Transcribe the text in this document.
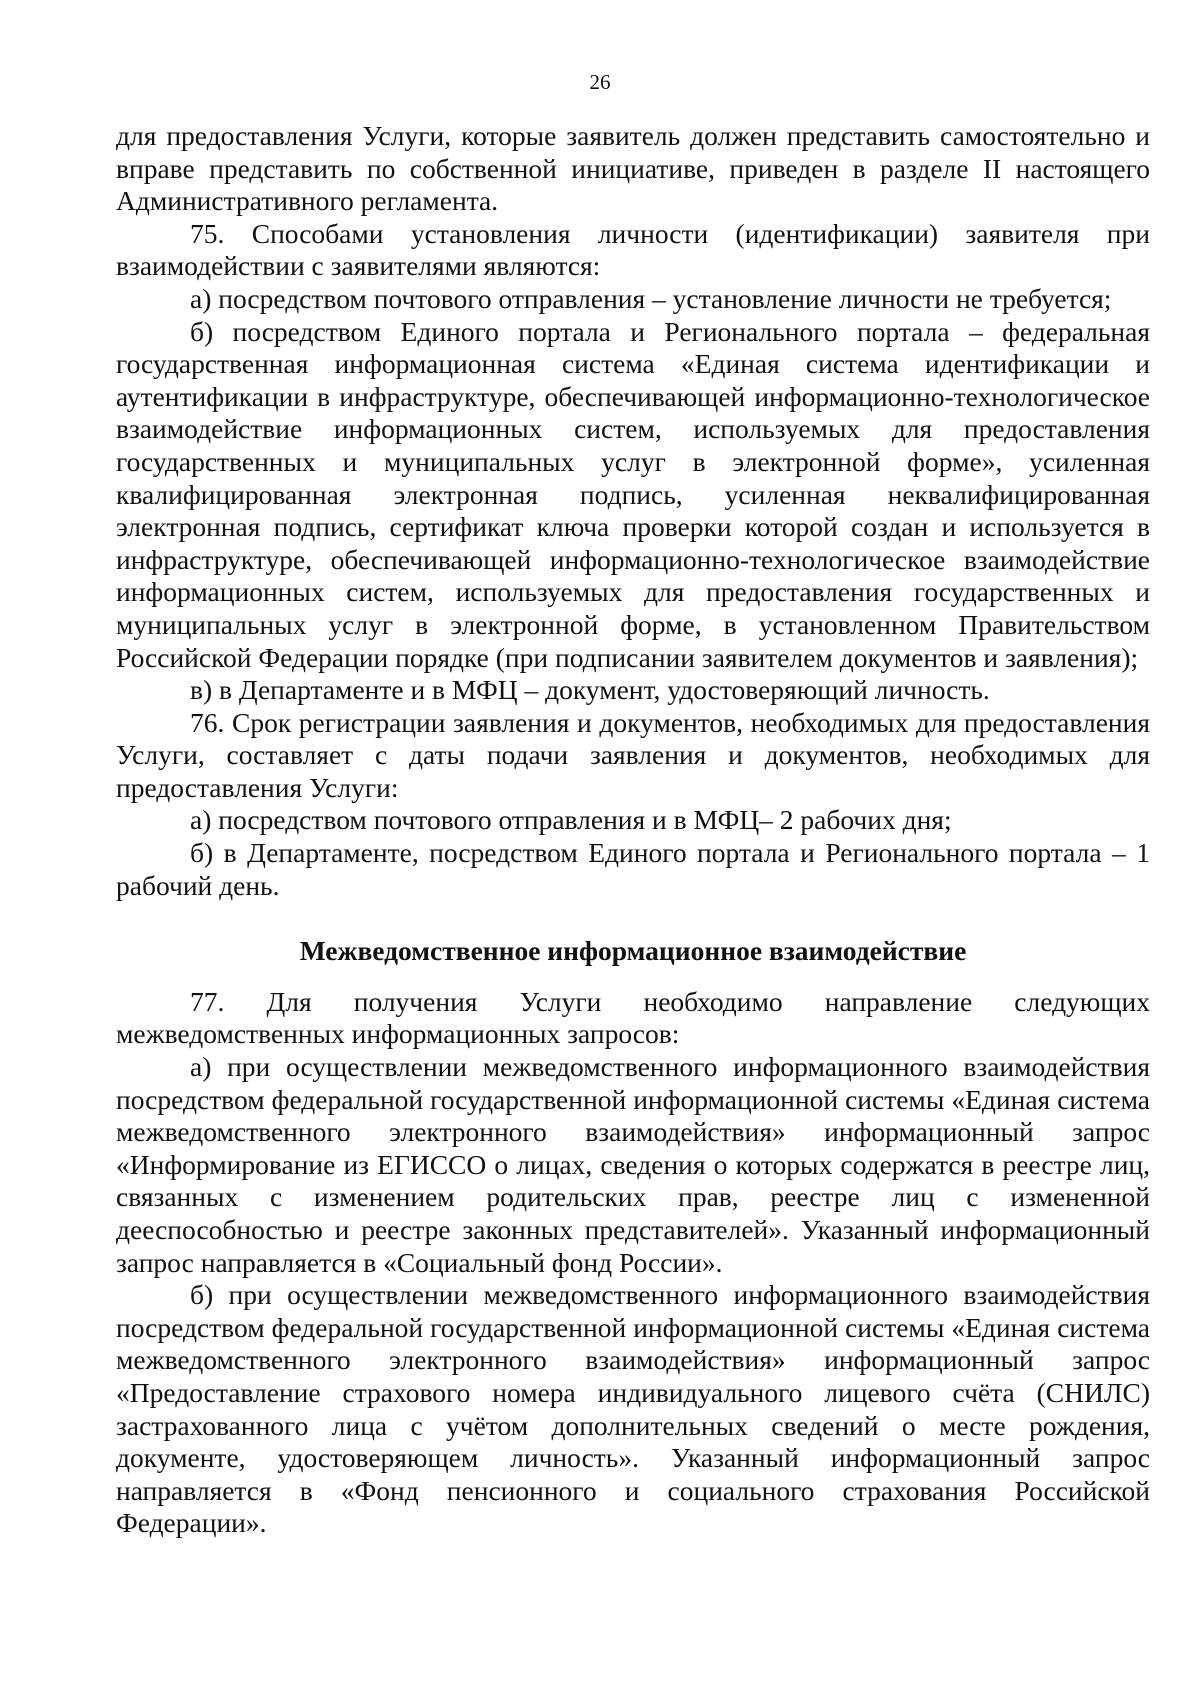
26

для предоставления Услуги, которые заявитель должен представить самостоятельно и вправе представить по собственной инициативе, приведен в разделе II настоящего Административного регламента.

75. Способами установления личности (идентификации) заявителя при взаимодействии с заявителями являются:

а) посредством почтового отправления – установление личности не требуется;

б) посредством Единого портала и Регионального портала – федеральная государственная информационная система «Единая система идентификации и аутентификации в инфраструктуре, обеспечивающей информационно-технологическое взаимодействие информационных систем, используемых для предоставления государственных и муниципальных услуг в электронной форме», усиленная квалифицированная электронная подпись, усиленная неквалифицированная электронная подпись, сертификат ключа проверки которой создан и используется в инфраструктуре, обеспечивающей информационно-технологическое взаимодействие информационных систем, используемых для предоставления государственных и муниципальных услуг в электронной форме, в установленном Правительством Российской Федерации порядке (при подписании заявителем документов и заявления);

в) в Департаменте и в МФЦ – документ, удостоверяющий личность.

76. Срок регистрации заявления и документов, необходимых для предоставления Услуги, составляет с даты подачи заявления и документов, необходимых для предоставления Услуги:

а) посредством почтового отправления и в МФЦ– 2 рабочих дня;

б) в Департаменте, посредством Единого портала и Регионального портала – 1 рабочий день.

Межведомственное информационное взаимодействие

77. Для получения Услуги необходимо направление следующих межведомственных информационных запросов:

а) при осуществлении межведомственного информационного взаимодействия посредством федеральной государственной информационной системы «Единая система межведомственного электронного взаимодействия» информационный запрос «Информирование из ЕГИССО о лицах, сведения о которых содержатся в реестре лиц, связанных с изменением родительских прав, реестре лиц с измененной дееспособностью и реестре законных представителей». Указанный информационный запрос направляется в «Социальный фонд России».

б) при осуществлении межведомственного информационного взаимодействия посредством федеральной государственной информационной системы «Единая система межведомственного электронного взаимодействия» информационный запрос «Предоставление страхового номера индивидуального лицевого счёта (СНИЛС) застрахованного лица с учётом дополнительных сведений о месте рождения, документе, удостоверяющем личность». Указанный информационный запрос направляется в «Фонд пенсионного и социального страхования Российской Федерации».
